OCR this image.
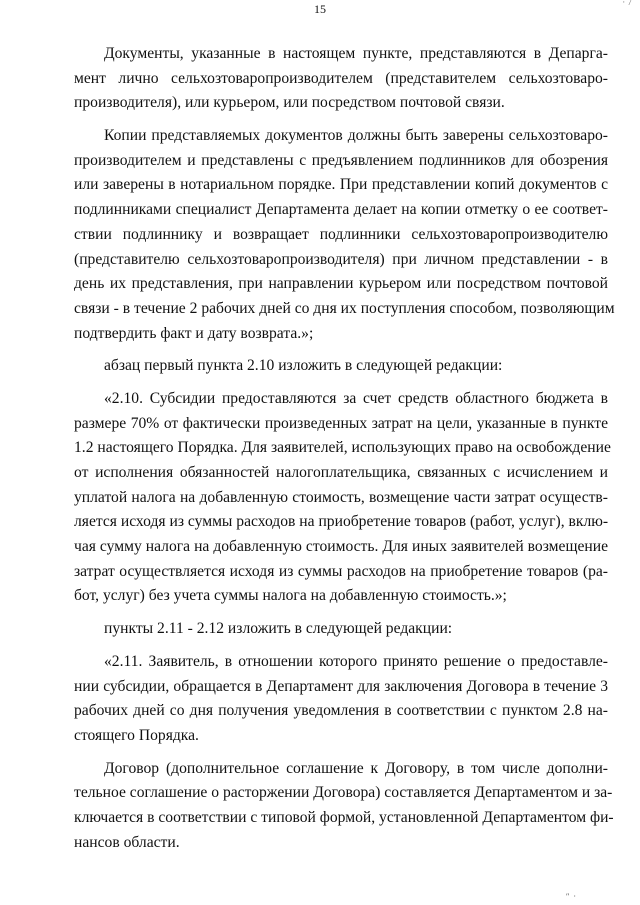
15	· 7
Документы, указанные в настоящем пункте, представляются в Депарга-
мент лично сельхозтоваропроизводителем (представителем сельхозтоваро-
производителя), или курьером, или посредством почтовой связи.
Копии представляемых документов должны быть заверены сельхозтоваро-
производителем и представлены с предъявлением подлинников для обозрения
или заверены в нотариальном порядке. При представлении копий документов с
подлинниками специалист Департамента делает на копии отметку о ее соответ-
ствии подлиннику и возвращает подлинники сельхозтоваропроизводителю
(представителю сельхозтоваропроизводителя) при личном представлении - в
день их представления, при направлении курьером или посредством почтовой
связи - в течение 2 рабочих дней со дня их поступления способом, позволяющим
подтвердить факт и дату возврата.»;
абзац первый пункта 2.10 изложить в следующей редакции:
«2.10. Субсидии предоставляются за счет средств областного бюджета в
размере 70% от фактически произведенных затрат на цели, указанные в пункте
1.2 настоящего Порядка. Для заявителей, использующих право на освобождение
от исполнения обязанностей налогоплательщика, связанных с исчислением и
уплатой налога на добавленную стоимость, возмещение части затрат осуществ-
ляется исходя из суммы расходов на приобретение товаров (работ, услуг), вклю-
чая сумму налога на добавленную стоимость. Для иных заявителей возмещение
затрат осуществляется исходя из суммы расходов на приобретение товаров (ра-
бот, услуг) без учета суммы налога на добавленную стоимость.»;
пункты 2.11 - 2.12 изложить в следующей редакции:
«2.11. Заявитель, в отношении которого принято решение о предоставле-
нии субсидии, обращается в Департамент для заключения Договора в течение 3
рабочих дней со дня получения уведомления в соответствии с пунктом 2.8 на-
стоящего Порядка.
Договор (дополнительное соглашение к Договору, в том числе дополни-
тельное соглашение о расторжении Договора) составляется Департаментом и за-
ключается в соответствии с типовой формой, установленной Департаментом фи-
нансов области.
″ ·
